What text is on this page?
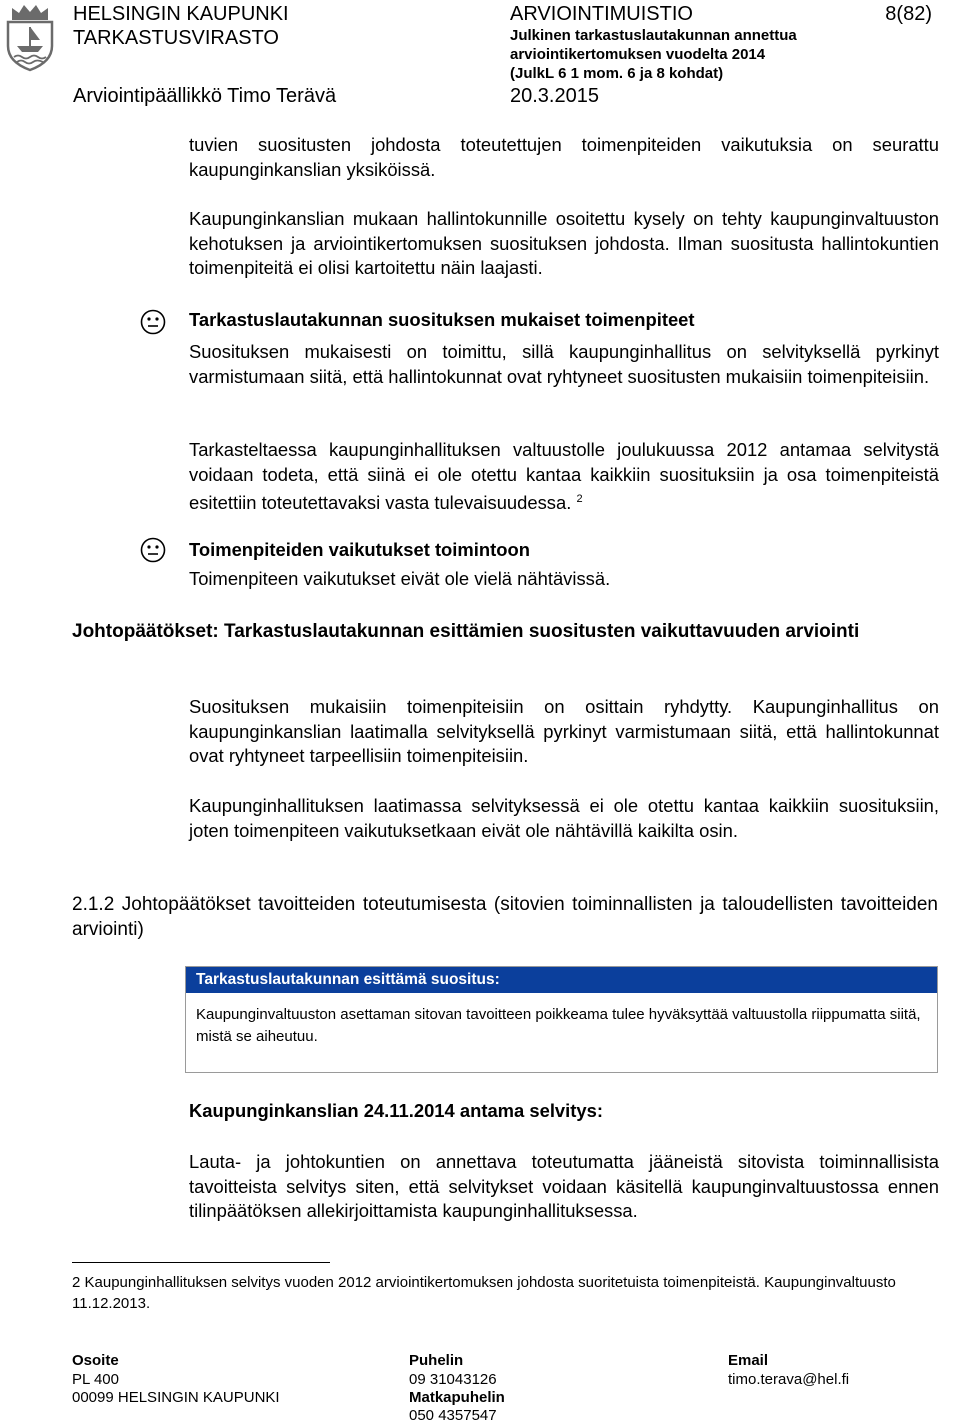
HELSINGIN KAUPUNKI
TARKASTUSVIRASTO
Arviointipäällikkö Timo Terävä
ARVIOINTIMUISTIO
Julkinen tarkastuslautakunnan annettua
arviointikertomuksen vuodelta 2014
(JulkL 6 1 mom. 6 ja 8 kohdat)
20.3.2015
8(82)
tuvien suositusten johdosta toteutettujen toimenpiteiden vaikutuksia on seurattu kaupunginkanslian yksiköissä.
Kaupunginkanslian mukaan hallintokunnille osoitettu kysely on tehty kaupunginvaltuuston kehotuksen ja arviointikertomuksen suosituksen johdosta. Ilman suositusta hallintokuntien toimenpiteitä ei olisi kartoitettu näin laajasti.
Tarkastuslautakunnan suosituksen mukaiset toimenpiteet
Suosituksen mukaisesti on toimittu, sillä kaupunginhallitus on selvityksellä pyrkinyt varmistumaan siitä, että hallintokunnat ovat ryhtyneet suositusten mukaisiin toimenpiteisiin.
Tarkasteltaessa kaupunginhallituksen valtuustolle joulukuussa 2012 antamaa selvitystä voidaan todeta, että siinä ei ole otettu kantaa kaikkiin suosituksiin ja osa toimenpiteistä esitettiin toteutettavaksi vasta tulevaisuudessa. $^2$
Toimenpiteiden vaikutukset toimintoon
Toimenpiteen vaikutukset eivät ole vielä nähtävissä.
Johtopäätökset: Tarkastuslautakunnan esittämien suositusten vaikuttavuuden arviointi
Suosituksen mukaisiin toimenpiteisiin on osittain ryhdytty. Kaupunginhallitus on kaupunginkanslian laatimalla selvityksellä pyrkinyt varmistumaan siitä, että hallintokunnat ovat ryhtyneet tarpeellisiin toimenpiteisiin.
Kaupunginhallituksen laatimassa selvityksessä ei ole otettu kantaa kaikkiin suosituksiin, joten toimenpiteen vaikutuksetkaan eivät ole nähtävillä kaikilta osin.
2.1.2 Johtopäätökset tavoitteiden toteutumisesta (sitovien toiminnallisten ja taloudellisten tavoitteiden arviointi)
Tarkastuslautakunnan esittämä suositus:
Kaupunginvaltuuston asettaman sitovan tavoitteen poikkeama tulee hyväksyttää valtuustolla riippumatta siitä, mistä se aiheutuu.
Kaupunginkanslian 24.11.2014 antama selvitys:
Lauta- ja johtokuntien on annettava toteutumatta jääneistä sitovista toiminnallisista tavoitteista selvitys siten, että selvitykset voidaan käsitellä kaupunginvaltuustossa ennen tilinpäätöksen allekirjoittamista kaupunginhallituksessa.
2 Kaupunginhallituksen selvitys vuoden 2012 arviointikertomuksen johdosta suoritetuista toimenpiteistä. Kaupunginvaltuusto 11.12.2013.
Osoite
PL 400
00099 HELSINGIN KAUPUNKI
Puhelin
09 31043126
Matkapuhelin
050 4357547
Email
timo.terava@hel.fi
